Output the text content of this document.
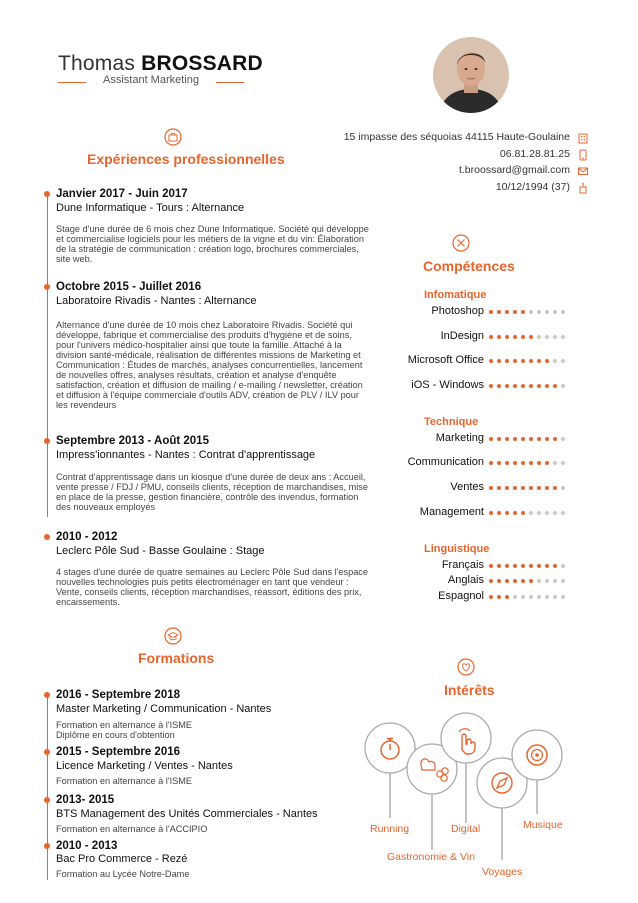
Thomas BROSSARD
Assistant Marketing
15 impasse des séquoias 44115 Haute-Goulaine
06.81.28.81.25
t.broossard@gmail.com
10/12/1994 (37)
Expériences professionnelles
Janvier 2017 - Juin 2017
Dune Informatique - Tours : Alternance
Stage d'une durée de 6 mois chez Dune Informatique. Société qui développe et commercialise logiciels pour les métiers de la vigne et du vin: Élaboration de la stratégie de communication : création logo, brochures commerciales, site web.
Octobre 2015 - Juillet 2016
Laboratoire Rivadis - Nantes : Alternance
Alternance d'une durée de 10 mois chez Laboratoire Rivadis. Société qui développe, fabrique et commercialise des produits d'hygiène et de soins, pour l'univers médico-hospitalier ainsi que toute la famille. Attaché à la division santé-médicale, réalisation de différentes missions de Marketing et Communication : Études de marchés, analyses concurrentielles, lancement de nouvelles offres, analyses résultats, création et analyse d'enquête satisfaction, création et diffusion de mailing / e-mailing / newsletter, création et diffusion à l'équipe commerciale d'outils ADV, création de PLV / ILV pour les revendeurs
Septembre 2013 - Août 2015
Impress'ionnantes - Nantes : Contrat d'apprentissage
Contrat d'apprentissage dans un kiosque d'une durée de deux ans : Accueil, vente presse / FDJ / PMU, conseils clients, réception de marchandises, mise en place de la presse, gestion financière, contrôle des invendus, formation des nouveaux employés
2010 - 2012
Leclerc Pôle Sud - Basse Goulaine : Stage
4 stages d'une durée de quatre semaines au Leclerc Pôle Sud dans l'espace nouvelles technologies puis petits électroménager en tant que vendeur : Vente, conseils clients, réception marchandises, réassort, éditions des prix, encaissements.
Formations
2016 - Septembre 2018
Master Marketing / Communication - Nantes
Formation en alternance à l'ISME
Diplôme en cours d'obtention
2015 - Septembre 2016
Licence Marketing / Ventes - Nantes
Formation en alternance à l'ISME
2013- 2015
BTS Management des Unités Commerciales - Nantes
Formation en alternance à l'ACCIPIO
2010 - 2013
Bac Pro Commerce - Rezé
Formation au Lycée Notre-Dame
Compétences
Infomatique
Photoshop
InDesign
Microsoft Office
iOS - Windows
Technique
Marketing
Communication
Ventes
Management
Linguistique
Français
Anglais
Espagnol
Intérêts
Running
Gastronomie & Vin
Digital
Voyages
Musique
